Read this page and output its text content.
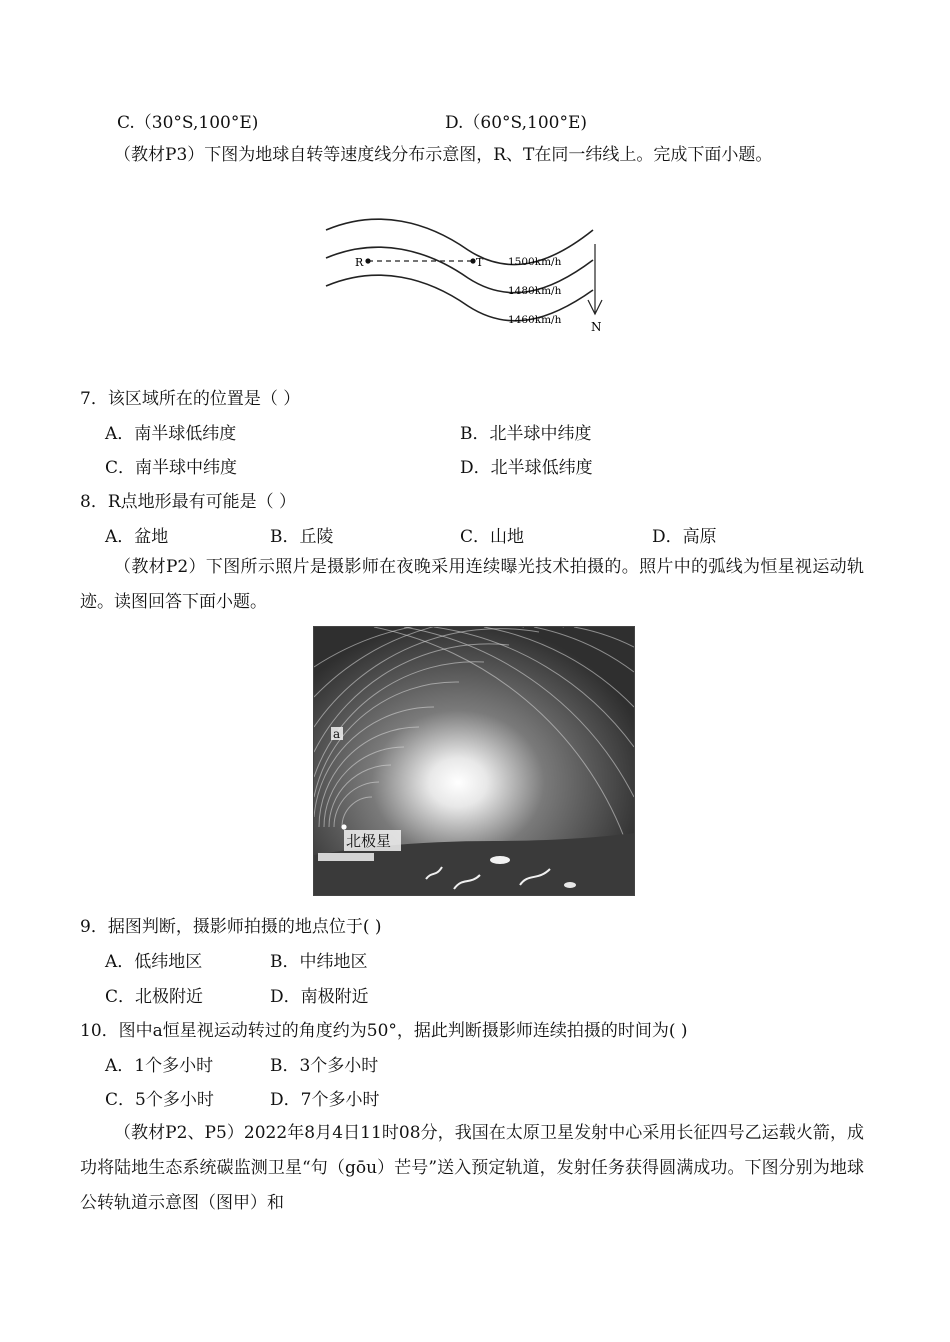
C.（30°S,100°E)	D.（60°S,100°E)
（教材P3）下图为地球自转等速度线分布示意图，R、T在同一纬线上。完成下面小题。
R	T 1500km/h
1480km/h
1460km/h N
7．该区域所在的位置是（ ）
A．南半球低纬度	B．北半球中纬度
C．南半球中纬度	D．北半球低纬度
8．R点地形最有可能是（ ）
A．盆地	B．丘陵	C．山地	D．高原
（教材P2）下图所示照片是摄影师在夜晚采用连续曝光技术拍摄的。照片中的弧线为恒星视运动轨迹。读图回答下面小题。
a
北极星
9．据图判断，摄影师拍摄的地点位于( )
A．低纬地区	B．中纬地区
C．北极附近	D．南极附近
10．图中a恒星视运动转过的角度约为50°，据此判断摄影师连续拍摄的时间为( )
A．1个多小时	B．3个多小时
C．5个多小时	D．7个多小时
（教材P2、P5）2022年8月4日11时08分，我国在太原卫星发射中心采用长征四号乙运载火箭，成功将陆地生态系统碳监测卫星“句（gōu）芒号”送入预定轨道，发射任务获得圆满成功。下图分别为地球公转轨道示意图（图甲）和
